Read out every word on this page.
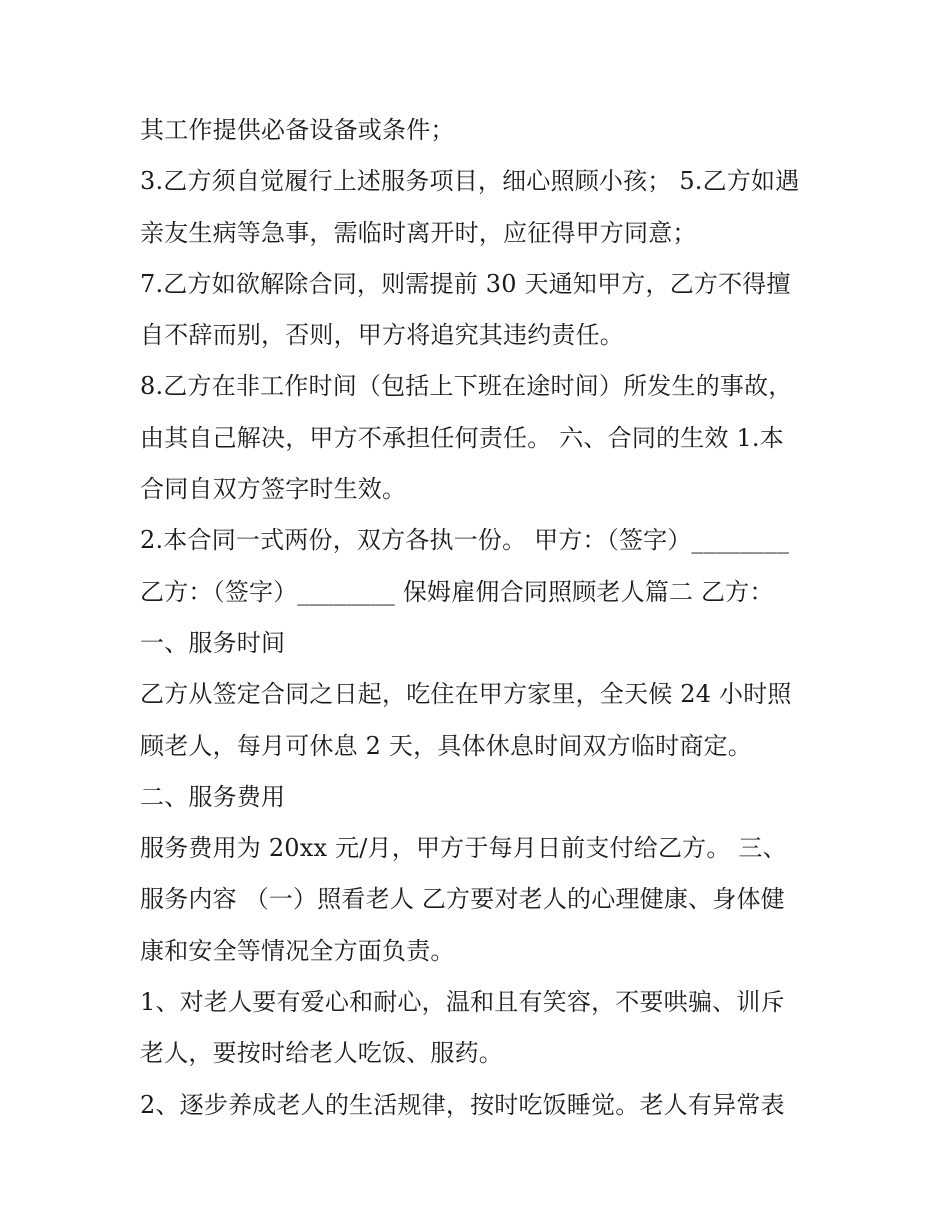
其工作提供必备设备或条件；
3.乙方须自觉履行上述服务项目，细心照顾小孩； 5.乙方如遇
亲友生病等急事，需临时离开时，应征得甲方同意；
7.乙方如欲解除合同，则需提前 30 天通知甲方，乙方不得擅
自不辞而别，否则，甲方将追究其违约责任。
8.乙方在非工作时间（包括上下班在途时间）所发生的事故，
由其自己解决，甲方不承担任何责任。 六、合同的生效 1.本
合同自双方签字时生效。
2.本合同一式两份，双方各执一份。 甲方：（签字）________
乙方：（签字）________ 保姆雇佣合同照顾老人篇二 乙方：
一、服务时间
乙方从签定合同之日起，吃住在甲方家里，全天候 24 小时照
顾老人，每月可休息 2 天，具体休息时间双方临时商定。
二、服务费用
服务费用为 20xx 元/月，甲方于每月日前支付给乙方。 三、
服务内容 （一）照看老人 乙方要对老人的心理健康、身体健
康和安全等情况全方面负责。
1、对老人要有爱心和耐心，温和且有笑容，不要哄骗、训斥
老人，要按时给老人吃饭、服药。
2、逐步养成老人的生活规律，按时吃饭睡觉。老人有异常表
